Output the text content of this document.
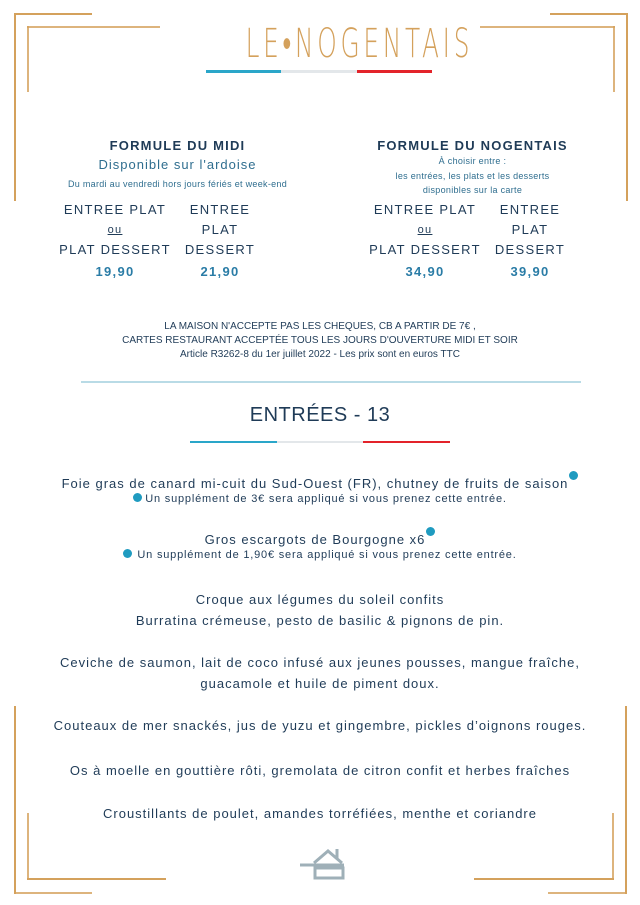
LE•NOGENTAIS
FORMULE DU MIDI
Disponible sur l'ardoise
Du mardi au vendredi hors jours fériés et week-end
ENTREE PLAT
ou
PLAT DESSERT
19,90
ENTREE
PLAT
DESSERT
21,90
FORMULE DU NOGENTAIS
À choisir entre :
les entrées, les plats et les desserts
disponibles sur la carte
ENTREE PLAT
ou
PLAT DESSERT
34,90
ENTREE
PLAT
DESSERT
39,90
LA MAISON N'ACCEPTE PAS LES CHEQUES, CB A PARTIR DE 7€ ,
CARTES RESTAURANT ACCEPTÉE TOUS LES JOURS D'OUVERTURE MIDI ET SOIR
Article R3262-8 du 1er juillet 2022 - Les prix sont en euros TTC
ENTRÉES - 13
Foie gras de canard mi-cuit du Sud-Ouest (FR), chutney de fruits de saison
Un supplément de 3€ sera appliqué si vous prenez cette entrée.
Gros escargots de Bourgogne x6
Un supplément de 1,90€ sera appliqué si vous prenez cette entrée.
Croque aux légumes du soleil confits
Burratina crémeuse, pesto de basilic & pignons de pin.
Ceviche de saumon, lait de coco infusé aux jeunes pousses, mangue fraîche,
guacamole et huile de piment doux.
Couteaux de mer snackés, jus de yuzu et gingembre, pickles d’oignons rouges.
Os à moelle en gouttière rôti, gremolata de citron confit et herbes fraîches
Croustillants de poulet, amandes torréfiées, menthe et coriandre
